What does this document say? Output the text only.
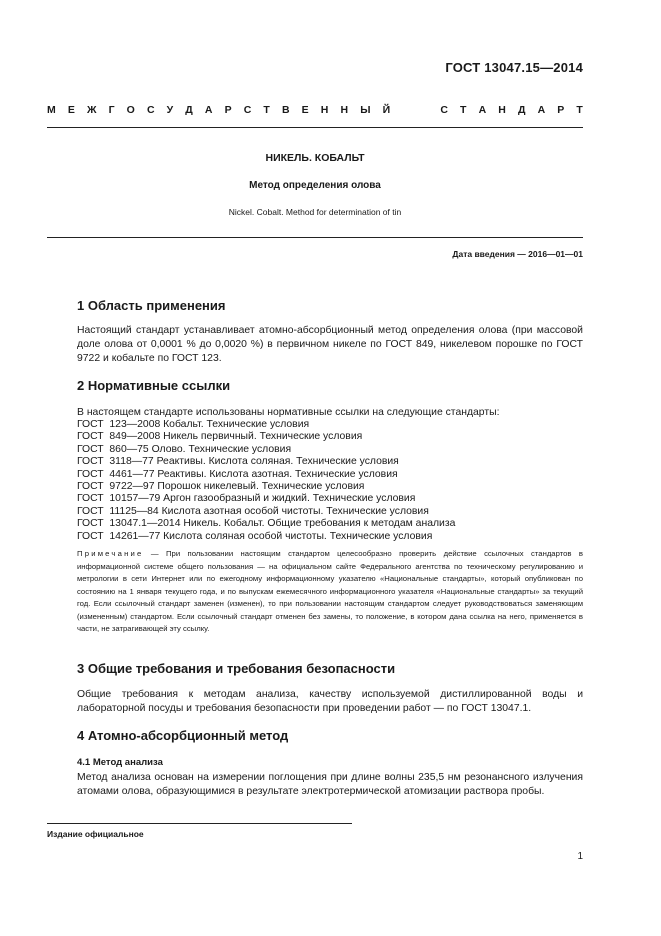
ГОСТ 13047.15—2014
М Е Ж Г О С У Д А Р С Т В Е Н Н Ы Й	С Т А Н Д А Р Т
НИКЕЛЬ. КОБАЛЬТ
Метод определения олова
Nickel. Cobalt. Method for determination of tin
Дата введения — 2016—01—01
1 Область применения
Настоящий стандарт устанавливает атомно-абсорбционный метод определения олова (при массовой доле олова от 0,0001 % до 0,0020 %) в первичном никеле по ГОСТ 849, никелевом порошке по ГОСТ 9722 и кобальте по ГОСТ 123.
2 Нормативные ссылки
В настоящем стандарте использованы нормативные ссылки на следующие стандарты:
ГОСТ  123—2008 Кобальт. Технические условия
ГОСТ  849—2008 Никель первичный. Технические условия
ГОСТ  860—75 Олово. Технические условия
ГОСТ  3118—77 Реактивы. Кислота соляная. Технические условия
ГОСТ  4461—77 Реактивы. Кислота азотная. Технические условия
ГОСТ  9722—97 Порошок никелевый. Технические условия
ГОСТ  10157—79 Аргон газообразный и жидкий. Технические условия
ГОСТ  11125—84 Кислота азотная особой чистоты. Технические условия
ГОСТ  13047.1—2014 Никель. Кобальт. Общие требования к методам анализа
ГОСТ  14261—77 Кислота соляная особой чистоты. Технические условия
Примечание — При пользовании настоящим стандартом целесообразно проверить действие ссылочных стандартов в информационной системе общего пользования — на официальном сайте Федерального агентства по техническому регулированию и метрологии в сети Интернет или по ежегодному информационному указателю «Национальные стандарты», который опубликован по состоянию на 1 января текущего года, и по выпускам ежемесячного информационного указателя «Национальные стандарты» за текущий год. Если ссылочный стандарт заменен (изменен), то при пользовании настоящим стандартом следует руководствоваться заменяющим (измененным) стандартом. Если ссылочный стандарт отменен без замены, то положение, в котором дана ссылка на него, применяется в части, не затрагивающей эту ссылку.
3 Общие требования и требования безопасности
Общие требования к методам анализа, качеству используемой дистиллированной воды и лабораторной посуды и требования безопасности при проведении работ — по ГОСТ 13047.1.
4 Атомно-абсорбционный метод
4.1 Метод анализа
Метод анализа основан на измерении поглощения при длине волны 235,5 нм резонансного излучения атомами олова, образующимися в результате электротермической атомизации раствора пробы.
Издание официальное
1
